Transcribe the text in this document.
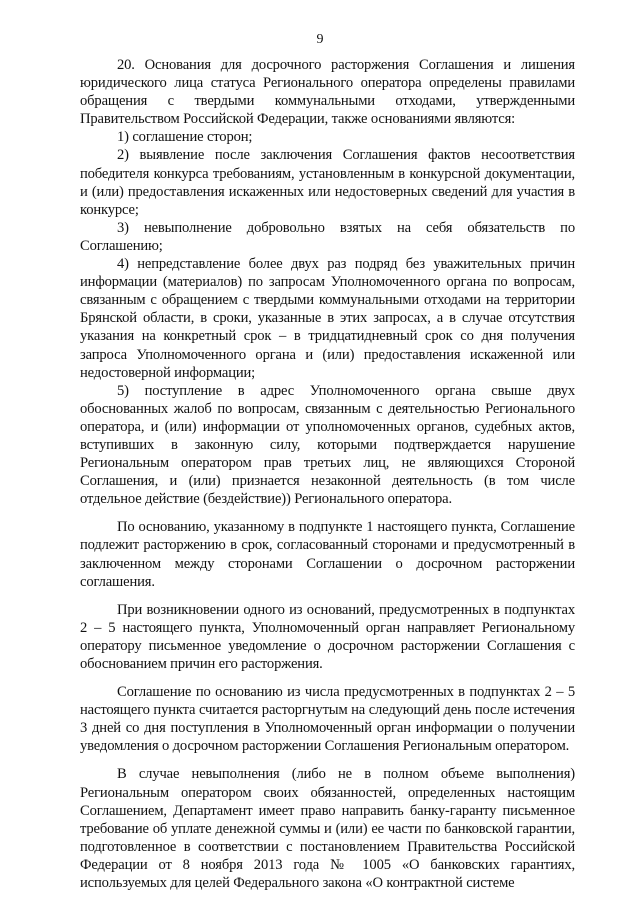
9

20. Основания для досрочного расторжения Соглашения и лишения юридического лица статуса Регионального оператора определены правилами обращения с твердыми коммунальными отходами, утвержденными Правительством Российской Федерации, также основаниями являются:

1) соглашение сторон;

2) выявление после заключения Соглашения фактов несоответствия победителя конкурса требованиям, установленным в конкурсной документации, и (или) предоставления искаженных или недостоверных сведений для участия в конкурсе;

3) невыполнение добровольно взятых на себя обязательств по Соглашению;

4) непредставление более двух раз подряд без уважительных причин информации (материалов) по запросам Уполномоченного органа по вопросам, связанным с обращением с твердыми коммунальными отходами на территории Брянской области, в сроки, указанные в этих запросах, а в случае отсутствия указания на конкретный срок – в тридцатидневный срок со дня получения запроса Уполномоченного органа и (или) предоставления искаженной или недостоверной информации;

5) поступление в адрес Уполномоченного органа свыше двух обоснованных жалоб по вопросам, связанным с деятельностью Регионального оператора, и (или) информации от уполномоченных органов, судебных актов, вступивших в законную силу, которыми подтверждается нарушение Региональным оператором прав третьих лиц, не являющихся Стороной Соглашения, и (или) признается незаконной деятельность (в том числе отдельное действие (бездействие)) Регионального оператора.

По основанию, указанному в подпункте 1 настоящего пункта, Соглашение подлежит расторжению в срок, согласованный сторонами и предусмотренный в заключенном между сторонами Соглашении о досрочном расторжении соглашения.

При возникновении одного из оснований, предусмотренных в подпунктах 2 – 5 настоящего пункта, Уполномоченный орган направляет Региональному оператору письменное уведомление о досрочном расторжении Соглашения с обоснованием причин его расторжения.

Соглашение по основанию из числа предусмотренных в подпунктах 2 – 5 настоящего пункта считается расторгнутым на следующий день после истечения 3 дней со дня поступления в Уполномоченный орган информации о получении уведомления о досрочном расторжении Соглашения Региональным оператором.

В случае невыполнения (либо не в полном объеме выполнения) Региональным оператором своих обязанностей, определенных настоящим Соглашением, Департамент имеет право направить банку-гаранту письменное требование об уплате денежной суммы и (или) ее части по банковской гарантии, подготовленное в соответствии с постановлением Правительства Российской Федерации от 8 ноября 2013 года № 1005 «О банковских гарантиях, используемых для целей Федерального закона «О контрактной системе
